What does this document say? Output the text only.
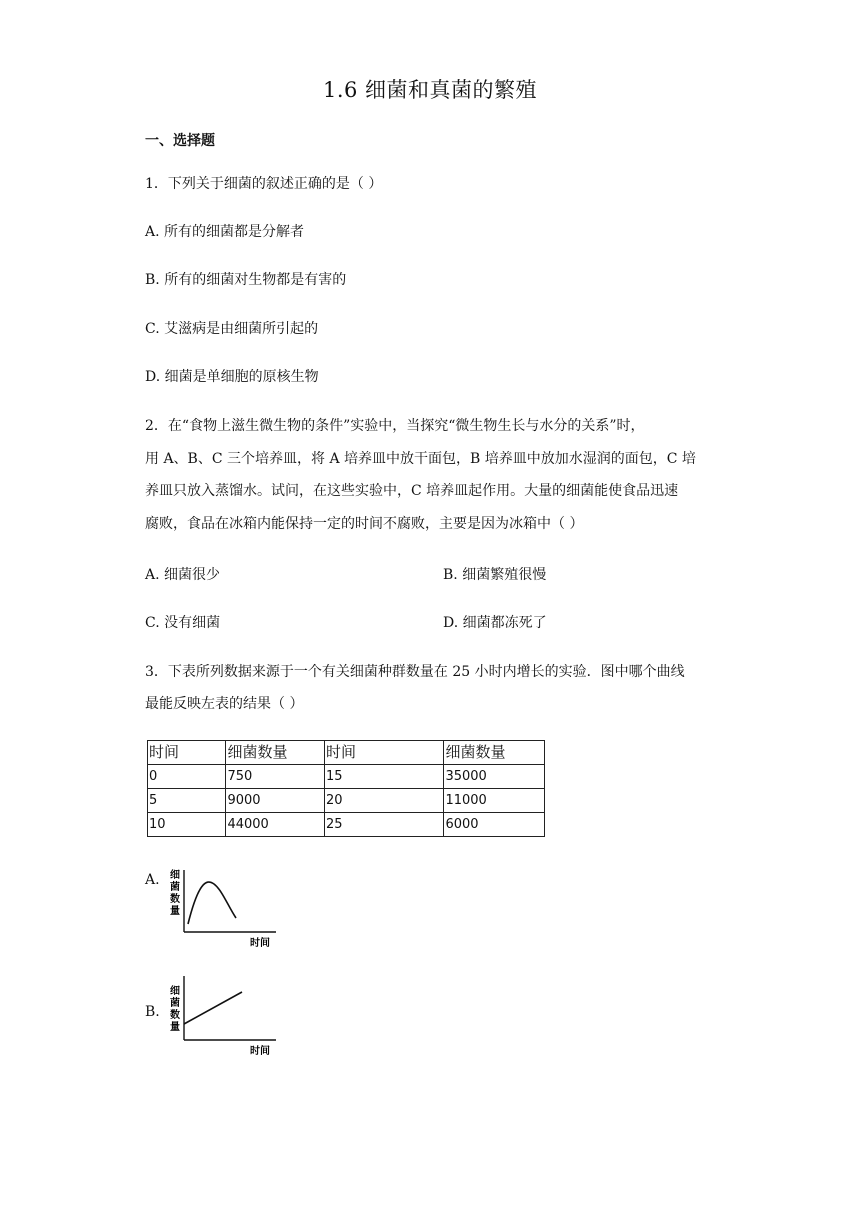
1.6 细菌和真菌的繁殖
一、选择题
1．下列关于细菌的叙述正确的是（ ）
A. 所有的细菌都是分解者
B. 所有的细菌对生物都是有害的
C. 艾滋病是由细菌所引起的
D. 细菌是单细胞的原核生物
2．在“食物上滋生微生物的条件”实验中，当探究“微生物生长与水分的关系”时，
用 A、B、C 三个培养皿，将 A 培养皿中放干面包，B 培养皿中放加水湿润的面包，C 培
养皿只放入蒸馏水。试问，在这些实验中，C 培养皿起作用。大量的细菌能使食品迅速
腐败，食品在冰箱内能保持一定的时间不腐败，主要是因为冰箱中（ ）
A. 细菌很少	B. 细菌繁殖很慢
C. 没有细菌	D. 细菌都冻死了
3．下表所列数据来源于一个有关细菌种群数量在 25 小时内增长的实验．图中哪个曲线
最能反映左表的结果（ ）
时间	细菌数量	时间	细菌数量
0	750	15	35000
5	9000	20	11000
10	44000	25	6000
A. 细
菌
数
量
时间
B.
细
菌
数
量
时间
